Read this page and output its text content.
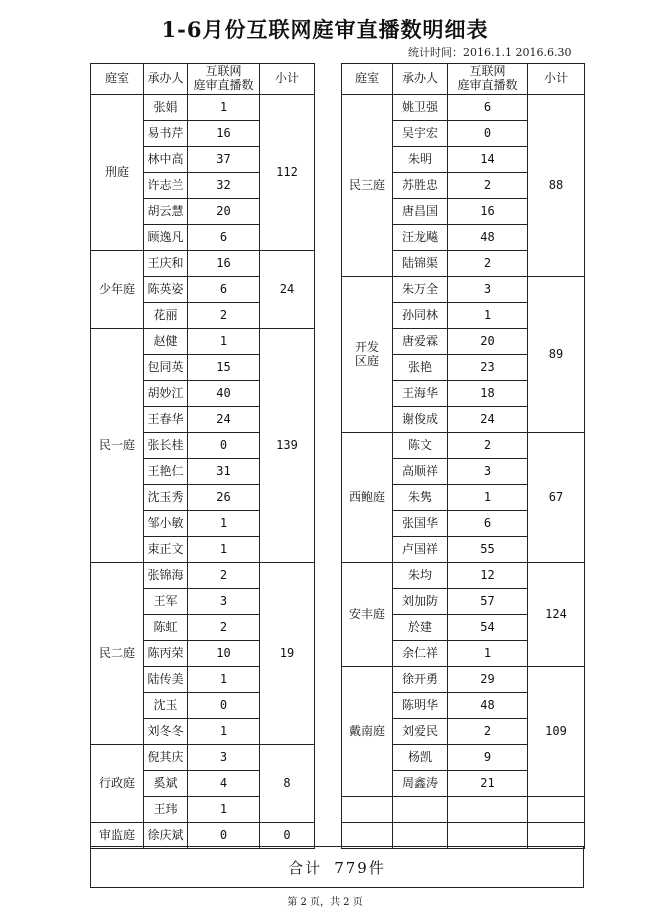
1-6月份互联网庭审直播数明细表
统计时间：2016.1.1 2016.6.30
庭室	承办人	互联网
庭审直播数	小计
刑庭	张娟	1	112
	易书芹	16	
	林中高	37	
	许志兰	32	
	胡云慧	20	
	顾逸凡	6	
少年庭	王庆和	16	24
	陈英姿	6	
	花丽	2	
民一庭	赵健	1	139
	包同英	15	
	胡妙江	40	
	王春华	24	
	张长桂	0	
	王艳仁	31	
	沈玉秀	26	
	邹小敏	1	
	束正文	1	
民二庭	张锦海	2	19
	王军	3	
	陈虹	2	
	陈丙荣	10	
	陆传美	1	
	沈玉	0	
	刘冬冬	1	
行政庭	倪其庆	3	8
	奚斌	4	
	王玮	1	
审监庭	徐庆斌	0	0
庭室	承办人	互联网
庭审直播数	小计
民三庭	姚卫强	6	88
	吴宇宏	0	
	朱明	14	
	苏胜忠	2	
	唐昌国	16	
	汪龙飚	48	
	陆锦渠	2	
开发
区庭	朱万全	3	89
	孙同林	1	
	唐爱霖	20	
	张艳	23	
	王海华	18	
	谢俊成	24	
西鲍庭	陈文	2	67
	高顺祥	3	
	朱隽	1	
	张国华	6	
	卢国祥	55	
安丰庭	朱均	12	124
	刘加防	57	
	於建	54	
	余仁祥	1	
戴南庭	徐开勇	29	109
	陈明华	48	
	刘爱民	2	
	杨凯	9	
	周鑫涛	21	

合计 779件
第 2 页，共 2 页
